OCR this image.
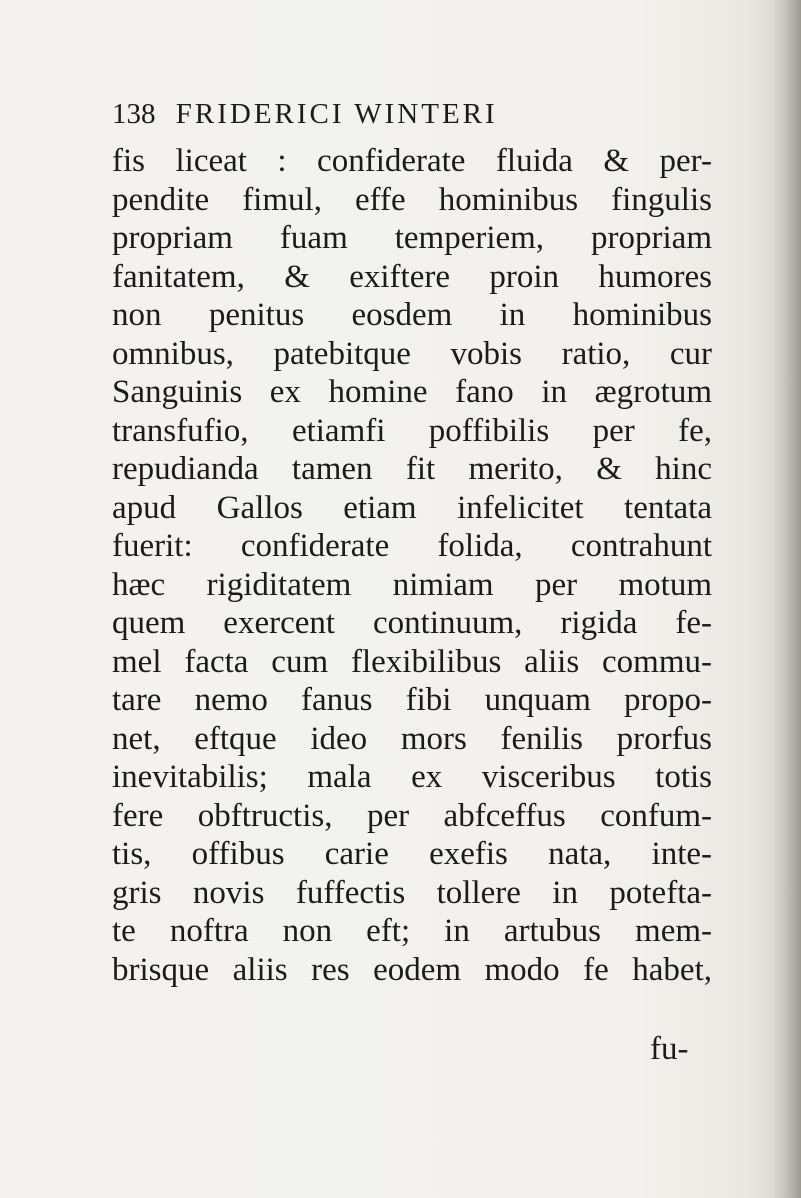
138 FRIDERICI WINTERI
fis liceat : confiderate fluida & per-
pendite fimul, effe hominibus fingulis
propriam fuam temperiem, propriam
fanitatem, & exiftere proin humores
non penitus eosdem in hominibus
omnibus, patebitque vobis ratio, cur
Sanguinis ex homine fano in ægrotum
transfufio, etiamfi poffibilis per fe,
repudianda tamen fit merito, & hinc
apud Gallos etiam infelicitet tentata
fuerit: confiderate folida, contrahunt
hæc rigiditatem nimiam per motum
quem exercent continuum, rigida fe-
mel facta cum flexibilibus aliis commu-
tare nemo fanus fibi unquam propo-
net, eftque ideo mors fenilis prorfus
inevitabilis; mala ex visceribus totis
fere obftructis, per abfceffus confum-
tis, offibus carie exefis nata, inte-
gris novis fuffectis tollere in potefta-
te noftra non eft; in artubus mem-
brisque aliis res eodem modo fe habet,
fu-
